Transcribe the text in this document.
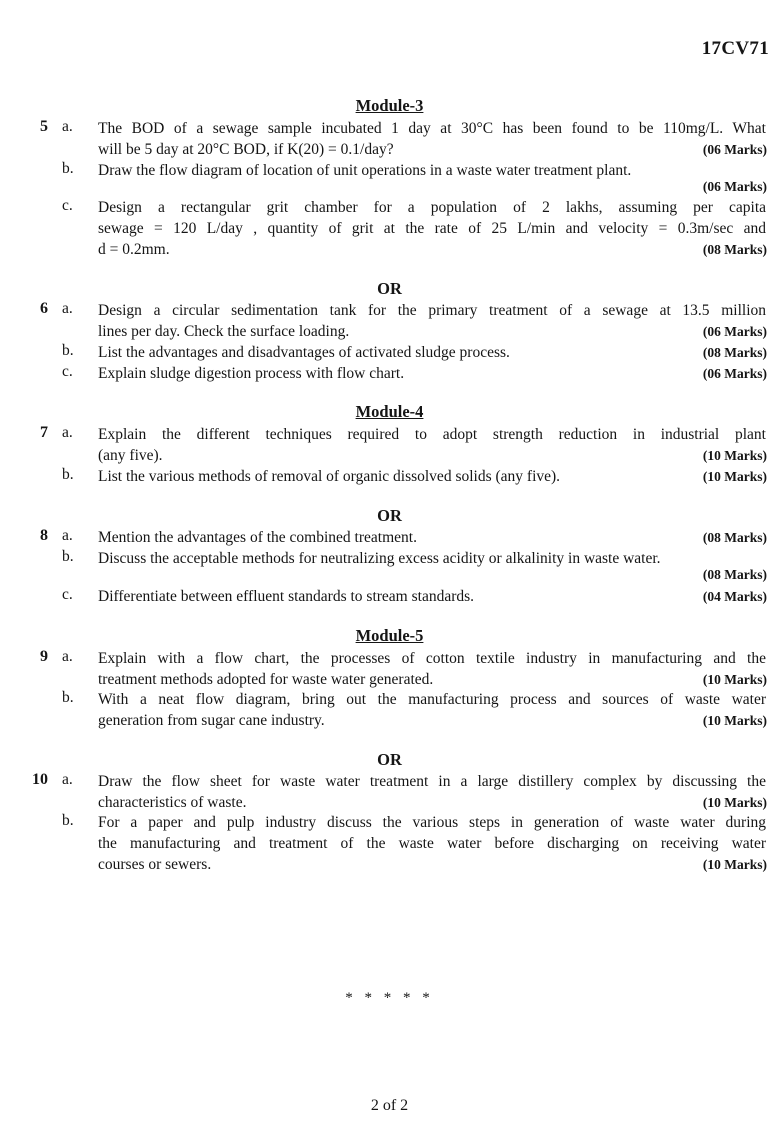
17CV71
Module-3
5 a.	The BOD of a sewage sample incubated 1 day at 30°C has been found to be 110mg/L. What
will be 5 day at 20°C BOD, if K(20) = 0.1/day?	(06 Marks)
b.	Draw the flow diagram of location of unit operations in a waste water treatment plant.
(06 Marks)
c.	Design a rectangular grit chamber for a population of 2 lakhs, assuming per capita
sewage = 120 L/day , quantity of grit at the rate of 25 L/min and velocity = 0.3m/sec and
d = 0.2mm.	(08 Marks)
OR
6 a.	Design a circular sedimentation tank for the primary treatment of a sewage at 13.5 million
lines per day. Check the surface loading.	(06 Marks)
b.	List the advantages and disadvantages of activated sludge process.	(08 Marks)
c.	Explain sludge digestion process with flow chart.	(06 Marks)
Module-4
7 a.	Explain the different techniques required to adopt strength reduction in industrial plant
(any five).	(10 Marks)
b.	List the various methods of removal of organic dissolved solids (any five).	(10 Marks)
OR
8 a.	Mention the advantages of the combined treatment.	(08 Marks)
b.	Discuss the acceptable methods for neutralizing excess acidity or alkalinity in waste water.
(08 Marks)
c.	Differentiate between effluent standards to stream standards.	(04 Marks)
Module-5
9 a.	Explain with a flow chart, the processes of cotton textile industry in manufacturing and the
treatment methods adopted for waste water generated.	(10 Marks)
b.	With a neat flow diagram, bring out the manufacturing process and sources of waste water
generation from sugar cane industry.	(10 Marks)
OR
10 a.	Draw the flow sheet for waste water treatment in a large distillery complex by discussing the
characteristics of waste.	(10 Marks)
b.	For a paper and pulp industry discuss the various steps in generation of waste water during
the manufacturing and treatment of the waste water before discharging on receiving water
courses or sewers.	(10 Marks)
* * * * *
2 of 2
